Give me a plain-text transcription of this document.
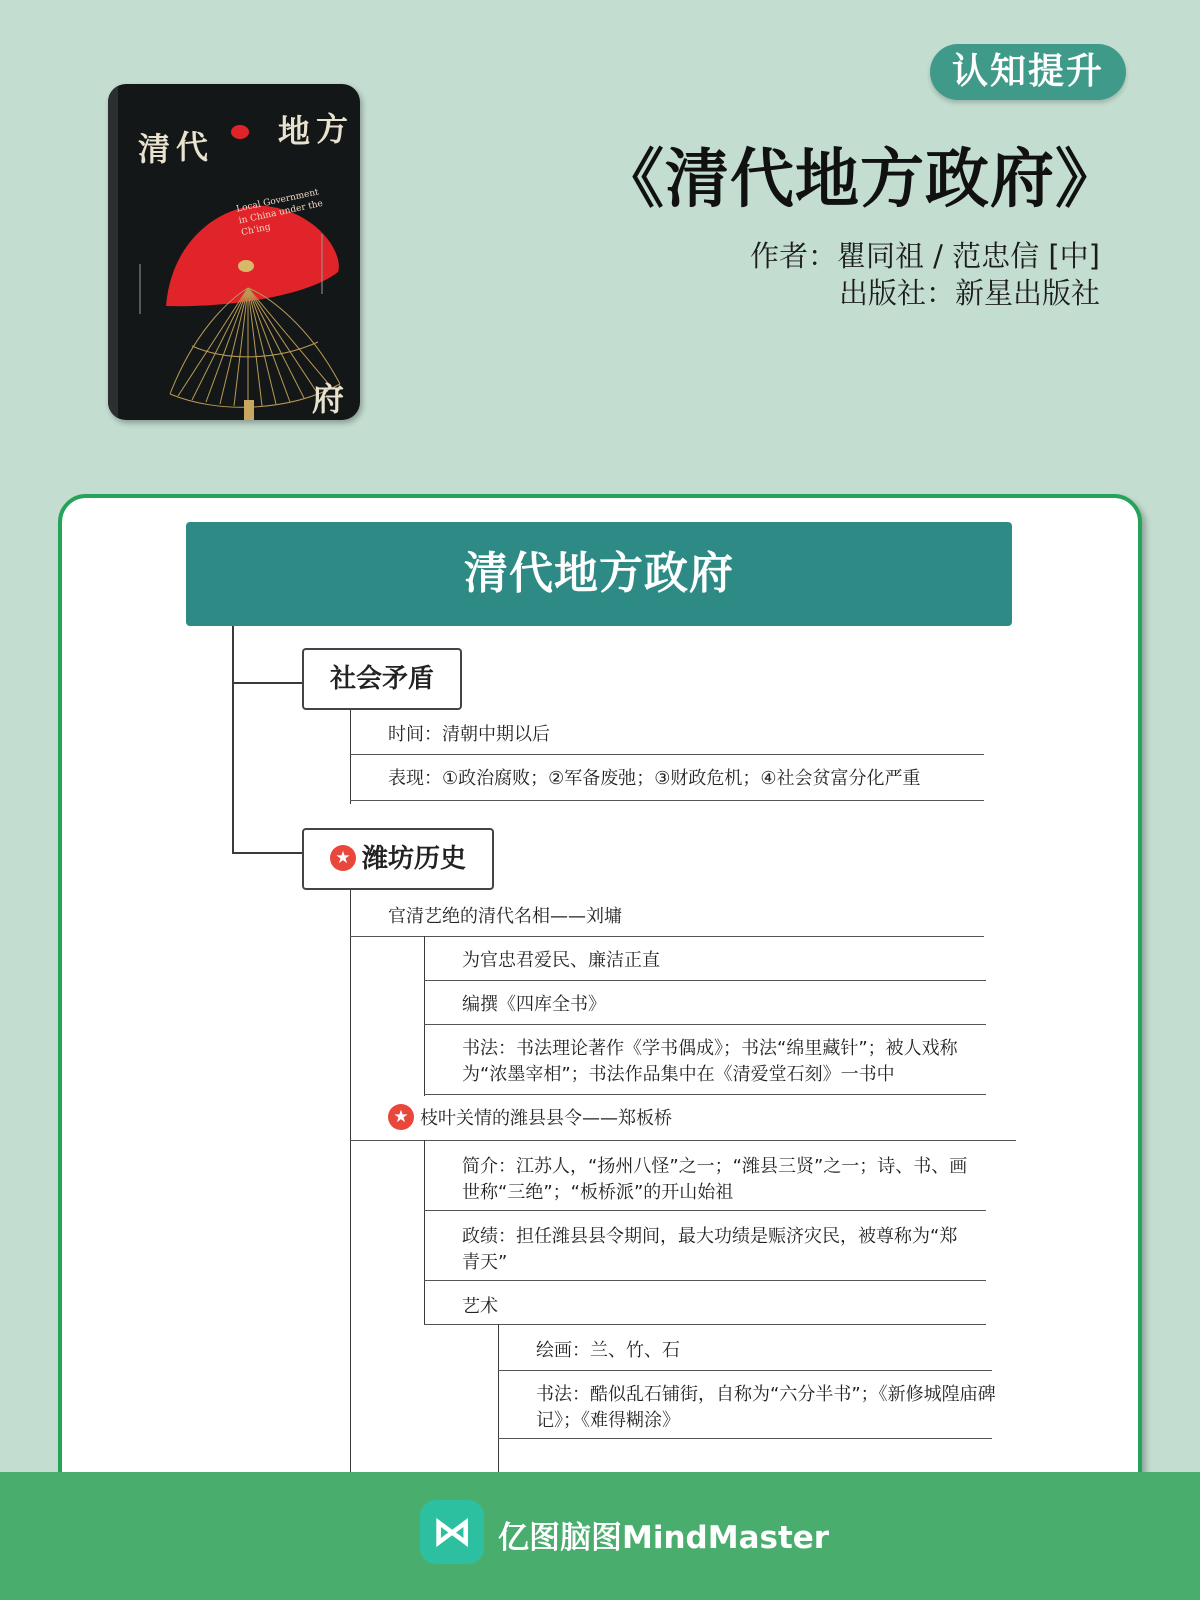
认知提升
《清代地方政府》
作者：瞿同祖 / 范忠信 [中]
出版社：新星出版社
清 代 地 方
府
Local Government in China under the Ch'ing
清代地方政府
社会矛盾
时间：清朝中期以后
表现：①政治腐败；②军备废弛；③财政危机；④社会贫富分化严重
★ 潍坊历史
官清艺绝的清代名相——刘墉
为官忠君爱民、廉洁正直
编撰《四库全书》
书法：书法理论著作《学书偶成》；书法“绵里藏针”；被人戏称为“浓墨宰相”；书法作品集中在《清爱堂石刻》一书中
★ 枝叶关情的潍县县令——郑板桥
简介：江苏人，“扬州八怪”之一；“潍县三贤”之一；诗、书、画世称“三绝”；“板桥派”的开山始祖
政绩：担任潍县县令期间，最大功绩是赈济灾民，被尊称为“郑青天”
艺术
绘画：兰、竹、石
书法：酷似乱石铺街，自称为“六分半书”；《新修城隍庙碑记》；《难得糊涂》
⋈ 亿图脑图MindMaster
